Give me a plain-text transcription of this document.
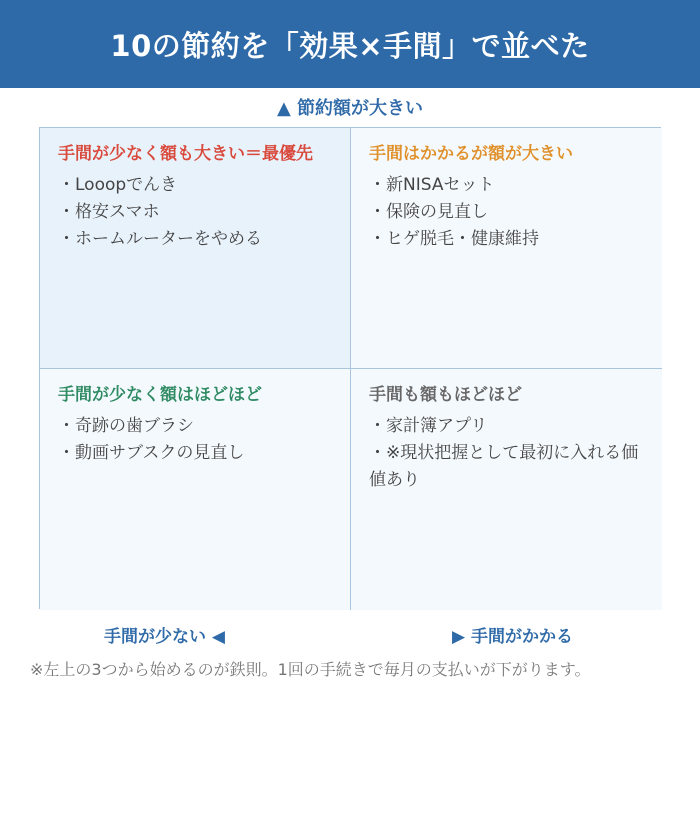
10の節約を「効果×手間」で並べた
▲ 節約額が大きい
手間が少なく額も大きい＝最優先
・Looopでんき
・格安スマホ
・ホームルーターをやめる
手間はかかるが額が大きい
・新NISAセット
・保険の見直し
・ヒゲ脱毛・健康維持
手間が少なく額はほどほど
・奇跡の歯ブラシ
・動画サブスクの見直し
手間も額もほどほど
・家計簿アプリ
・※現状把握として最初に入れる価値あり
手間が少ない ◀	▶ 手間がかかる
※左上の3つから始めるのが鉄則。1回の手続きで毎月の支払いが下がります。
